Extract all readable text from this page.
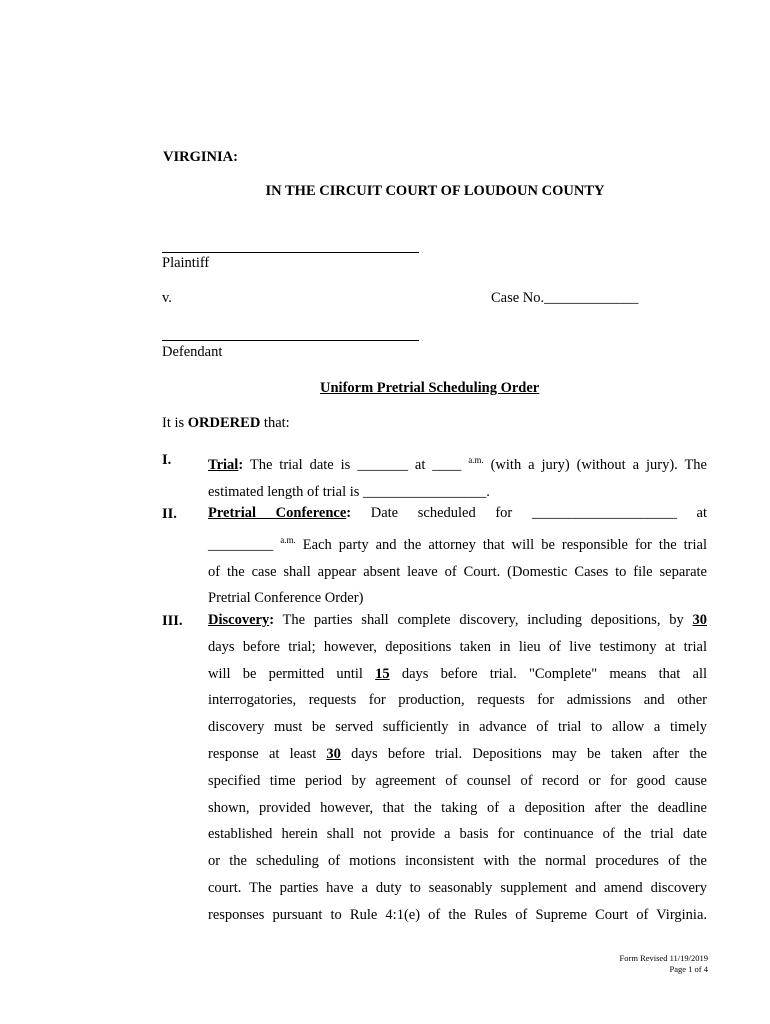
VIRGINIA:
IN THE CIRCUIT COURT OF LOUDOUN COUNTY
Plaintiff
v.	Case No._____________
Defendant
Uniform Pretrial Scheduling Order
It is ORDERED that:
I.	Trial: The trial date is _______ at ____ $^{a.m.}$ (with a jury) (without a jury). The
estimated length of trial is _________________.
II. Pretrial Conference: Date scheduled for ____________________ at
_________ $^{a.m.}$ Each party and the attorney that will be responsible for the trial
of the case shall appear absent leave of Court. (Domestic Cases to file separate
Pretrial Conference Order)
III. Discovery: The parties shall complete discovery, including depositions, by 30
days before trial; however, depositions taken in lieu of live testimony at trial
will be permitted until 15 days before trial. "Complete" means that all
interrogatories, requests for production, requests for admissions and other
discovery must be served sufficiently in advance of trial to allow a timely
response at least 30 days before trial. Depositions may be taken after the
specified time period by agreement of counsel of record or for good cause
shown, provided however, that the taking of a deposition after the deadline
established herein shall not provide a basis for continuance of the trial date
or the scheduling of motions inconsistent with the normal procedures of the
court. The parties have a duty to seasonably supplement and amend discovery
responses pursuant to Rule 4:1(e) of the Rules of Supreme Court of Virginia.
Form Revised 11/19/2019
Page 1 of 4
